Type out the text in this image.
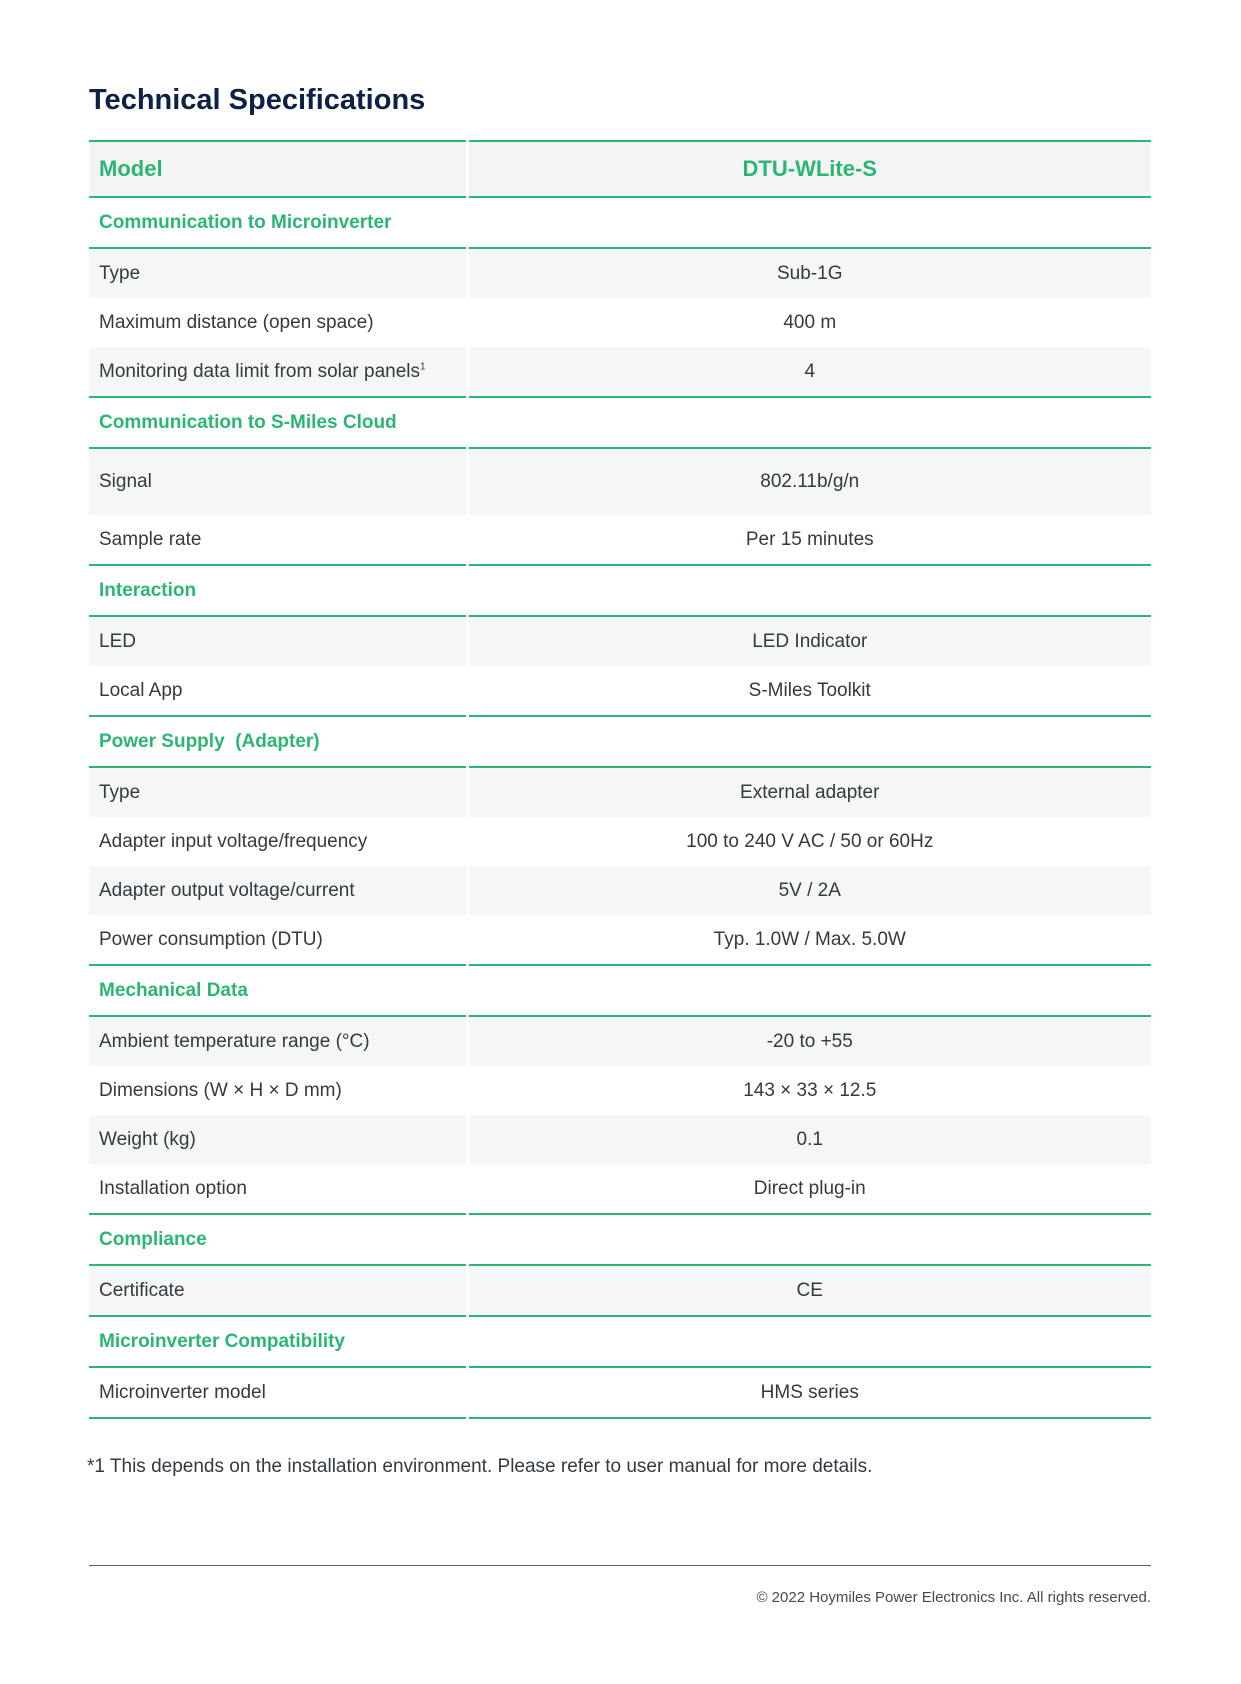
Technical Specifications
Model	DTU-WLite-S
Communication to Microinverter	
Type	Sub-1G
Maximum distance (open space)	400 m
Monitoring data limit from solar panels$^1$	4
Communication to S-Miles Cloud	
Signal	802.11b/g/n
Sample rate	Per 15 minutes
Interaction	
LED	LED Indicator
Local App	S-Miles Toolkit
Power Supply  (Adapter)	
Type	External adapter
Adapter input voltage/frequency	100 to 240 V AC / 50 or 60Hz
Adapter output voltage/current	5V / 2A
Power consumption (DTU)	Typ. 1.0W / Max. 5.0W
Mechanical Data	
Ambient temperature range (°C)	-20 to +55
Dimensions (W × H × D mm)	143 × 33 × 12.5
Weight (kg)	0.1
Installation option	Direct plug-in
Compliance	
Certificate	CE
Microinverter Compatibility	
Microinverter model	HMS series

*1 This depends on the installation environment. Please refer to user manual for more details.

© 2022 Hoymiles Power Electronics Inc. All rights reserved.
